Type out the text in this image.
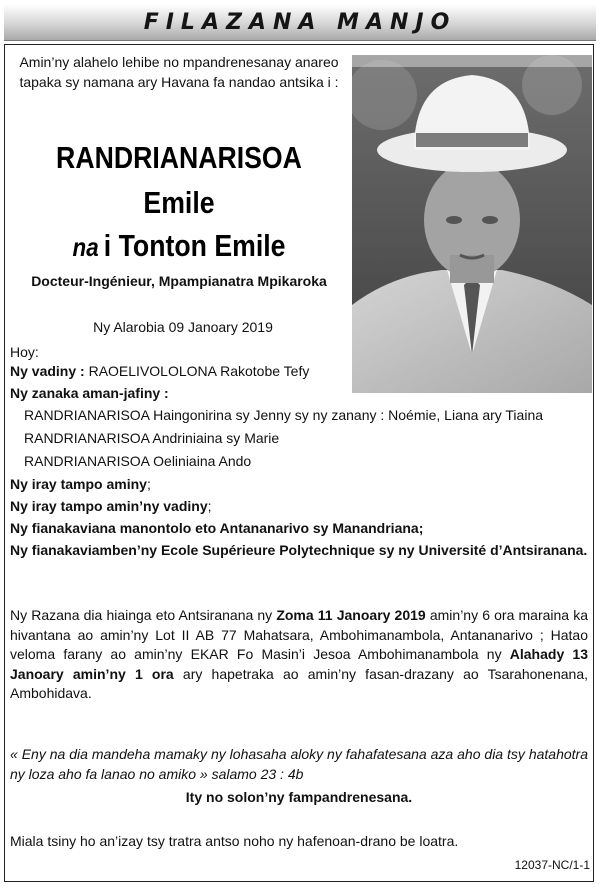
FILAZANA MANJO
Amin’ny alahelo lehibe no mpandrenesanay anareo tapaka sy namana ary Havana fa nandao antsika i :
RANDRIANARISOA
Emile
na i Tonton Emile
Docteur-Ingénieur, Mpampianatra Mpikaroka
Ny Alarobia 09 Janoary 2019
Hoy:
Ny vadiny : RAOELIVOLOLONA Rakotobe Tefy
Ny zanaka aman-jafiny :
RANDRIANARISOA Haingonirina sy Jenny sy ny zanany : Noémie, Liana ary Tiaina
RANDRIANARISOA Andriniaina sy Marie
RANDRIANARISOA Oeliniaina Ando
Ny iray tampo aminy;
Ny iray tampo amin’ny vadiny;
Ny fianakaviana manontolo eto Antananarivo sy Manandriana;
Ny fianakaviamben’ny Ecole Supérieure Polytechnique sy ny Université d’Antsiranana.
Ny Razana dia hiainga eto Antsiranana ny Zoma 11 Janoary 2019 amin’ny 6 ora maraina ka hivantana ao amin’ny Lot II AB 77 Mahatsara, Ambohimanambola, Antananarivo ; Hatao veloma farany ao amin’ny EKAR Fo Masin’i Jesoa Ambohimanambola ny Alahady 13 Janoary amin’ny 1 ora ary hapetraka ao amin’ny fasan-drazany ao Tsarahonenana, Ambohidava.
« Eny na dia mandeha mamaky ny lohasaha aloky ny fahafatesana aza aho dia tsy hatahotra ny loza aho fa lanao no amiko » salamo 23 : 4b
Ity no solon’ny fampandrenesana.
Miala tsiny ho an’izay tsy tratra antso noho ny hafenoan-drano be loatra.
12037-NC/1-1
